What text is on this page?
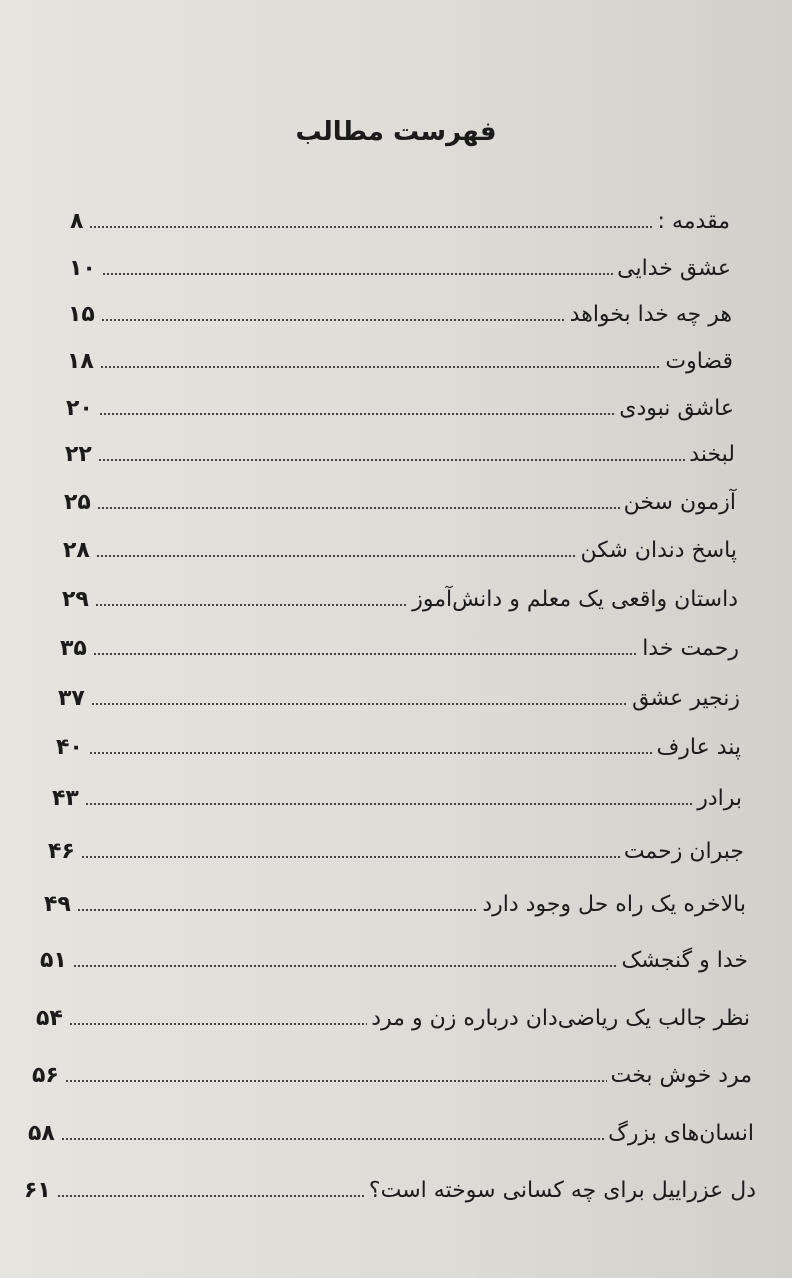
فهرست مطالب
مقدمه :
۸
عشق خدایی
۱۰
هر چه خدا بخواهد
۱۵
قضاوت
۱۸
عاشق نبودی
۲۰
لبخند
۲۲
آزمون سخن
۲۵
پاسخ دندان شکن
۲۸
داستان واقعی یک معلم و دانش‌آموز
۲۹
رحمت خدا
۳۵
زنجیر عشق
۳۷
پند عارف
۴۰
برادر
۴۳
جبران زحمت
۴۶
بالاخره یک راه حل وجود دارد
۴۹
خدا و گنجشک
۵۱
نظر جالب یک ریاضی‌دان درباره زن و مرد
۵۴
مرد خوش بخت
۵۶
انسان‌های بزرگ
۵۸
دل عزراییل برای چه کسانی سوخته است؟
۶۱
